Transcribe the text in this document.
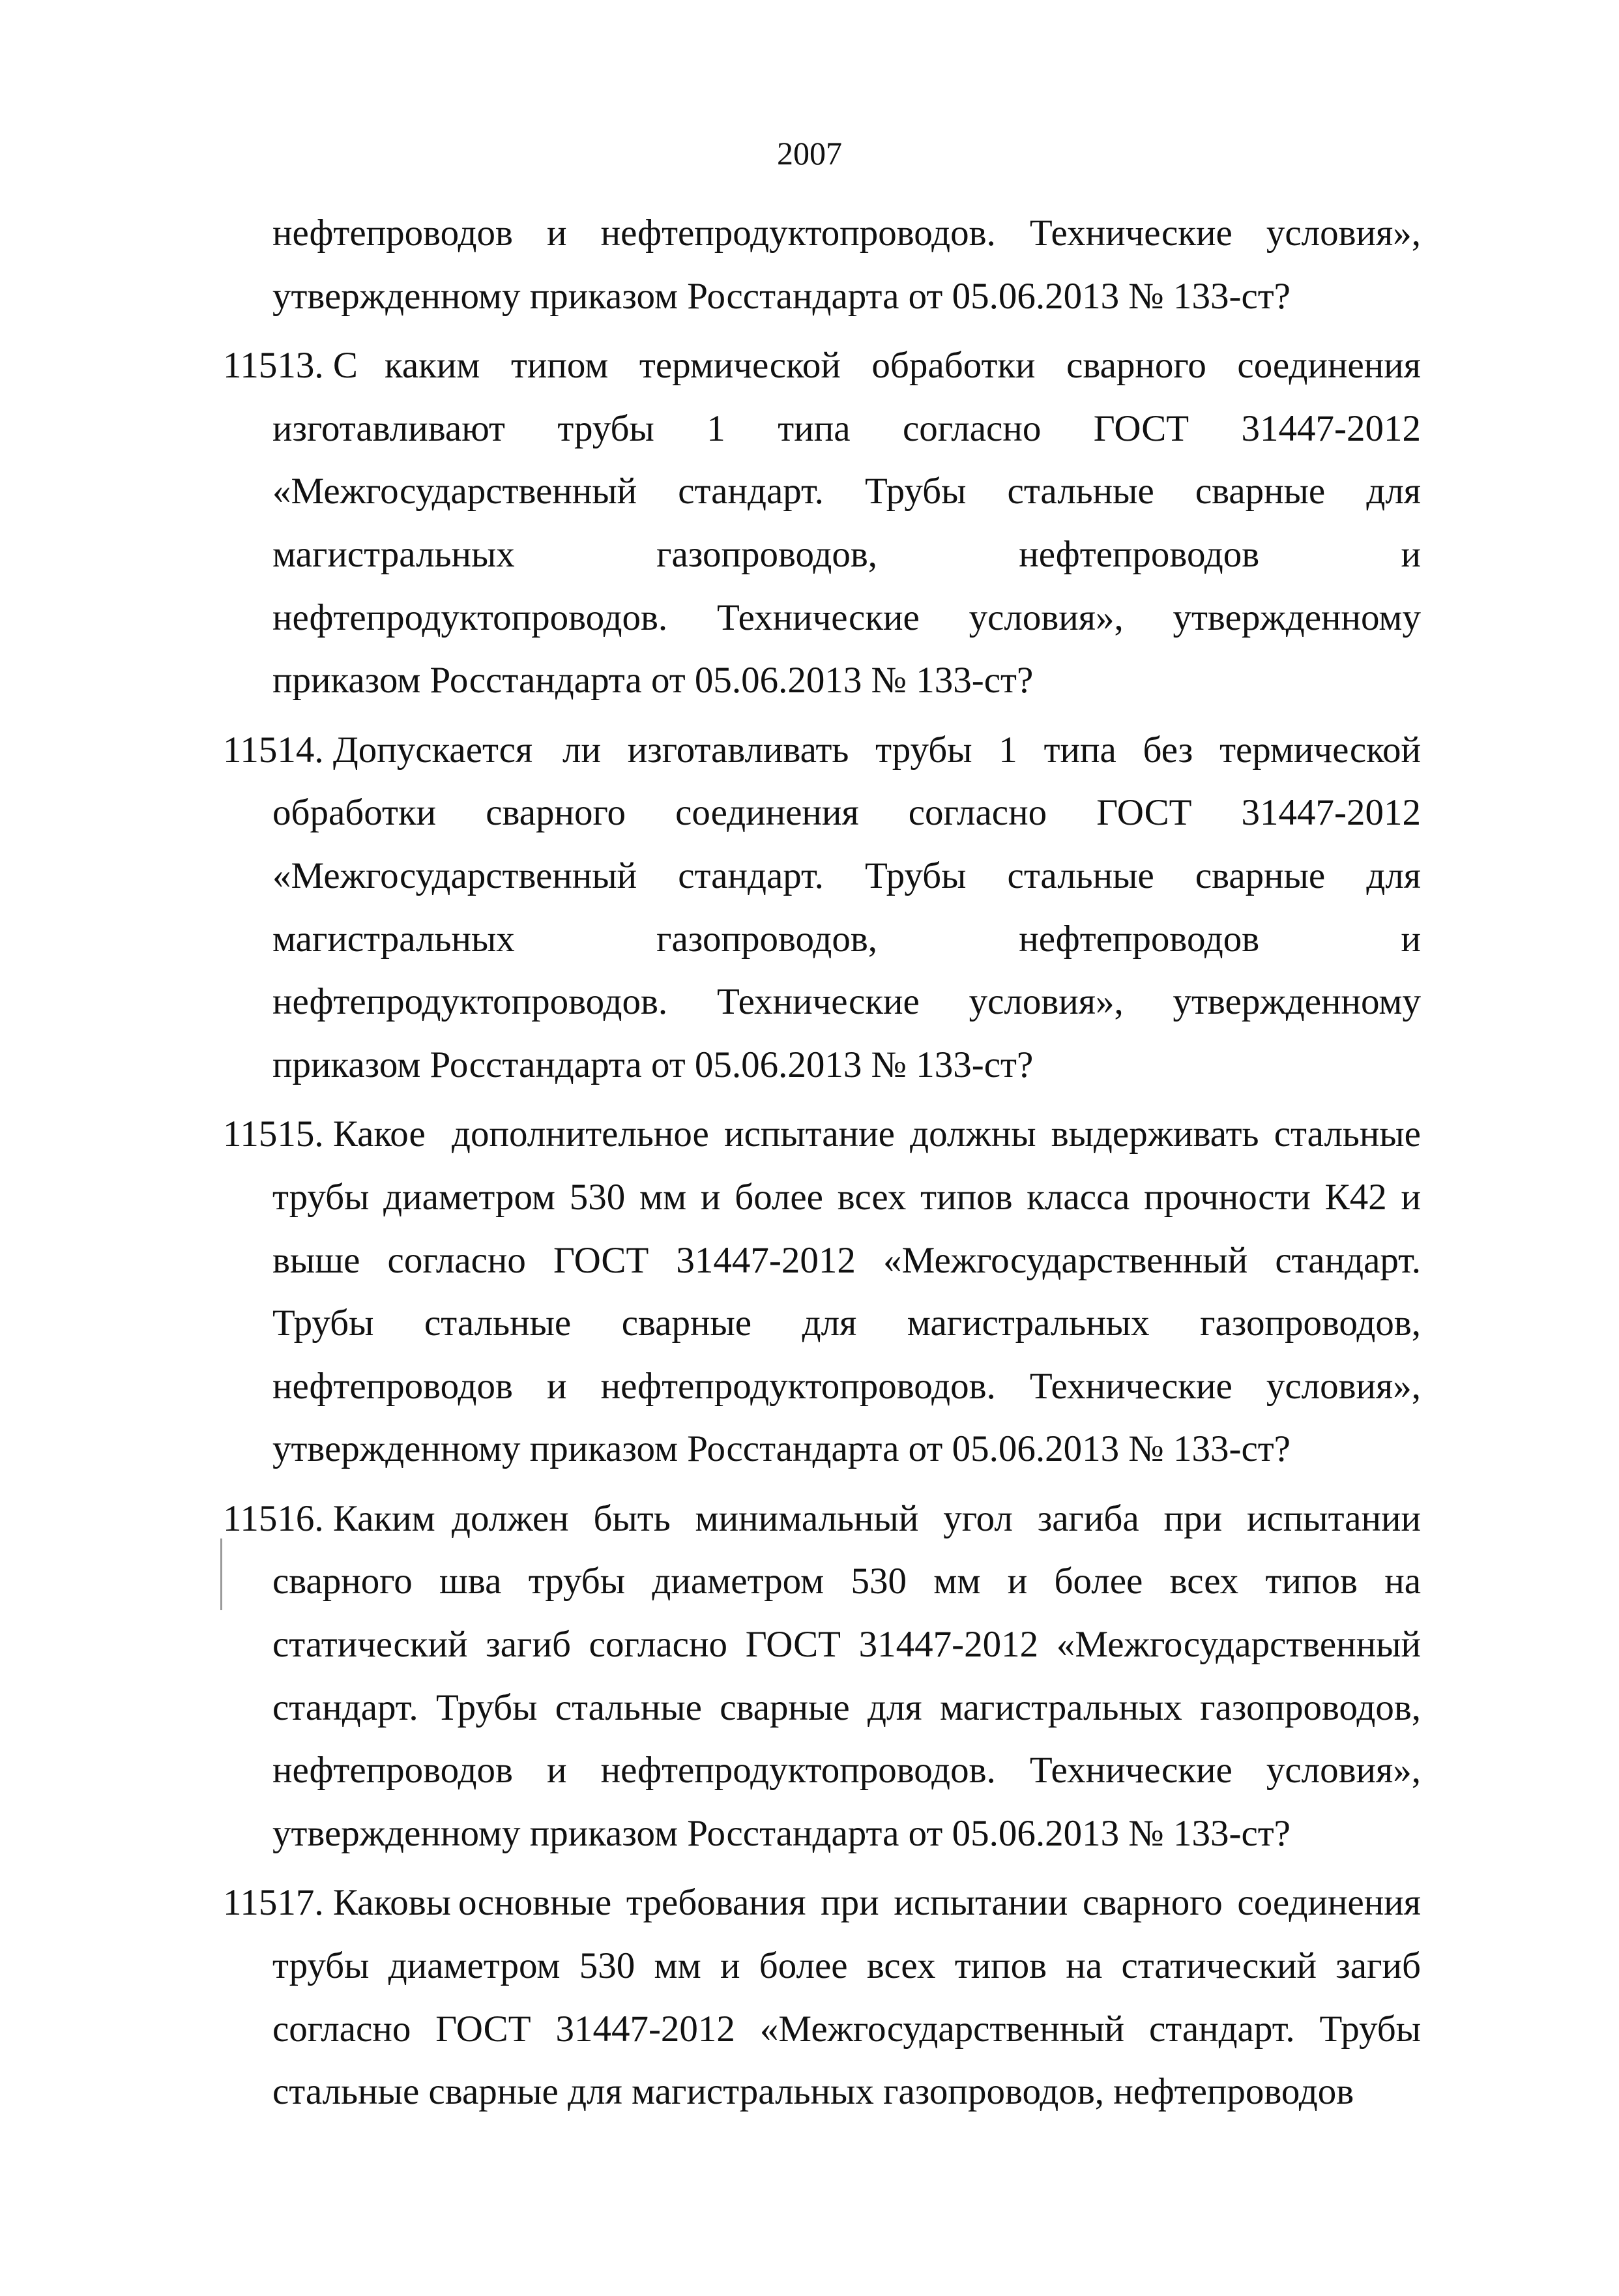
2007

нефтепроводов и нефтепродуктопроводов. Технические условия», утвержденному приказом Росстандарта от 05.06.2013 № 133-ст?

11513. С каким типом термической обработки сварного соединения изготавливают трубы 1 типа согласно ГОСТ 31447-2012 «Межгосударственный стандарт. Трубы стальные сварные для магистральных газопроводов, нефтепроводов и нефтепродуктопроводов. Технические условия», утвержденному приказом Росстандарта от 05.06.2013 № 133-ст?

11514. Допускается ли изготавливать трубы 1 типа без термической обработки сварного соединения согласно ГОСТ 31447-2012 «Межгосударственный стандарт. Трубы стальные сварные для магистральных газопроводов, нефтепроводов и нефтепродуктопроводов. Технические условия», утвержденному приказом Росстандарта от 05.06.2013 № 133-ст?

11515. Какое дополнительное испытание должны выдерживать стальные трубы диаметром 530 мм и более всех типов класса прочности К42 и выше согласно ГОСТ 31447-2012 «Межгосударственный стандарт. Трубы стальные сварные для магистральных газопроводов, нефтепроводов и нефтепродуктопроводов. Технические условия», утвержденному приказом Росстандарта от 05.06.2013 № 133-ст?

11516. Каким должен быть минимальный угол загиба при испытании сварного шва трубы диаметром 530 мм и более всех типов на статический загиб согласно ГОСТ 31447-2012 «Межгосударственный стандарт. Трубы стальные сварные для магистральных газопроводов, нефтепроводов и нефтепродуктопроводов. Технические условия», утвержденному приказом Росстандарта от 05.06.2013 № 133-ст?

11517. Каковы основные требования при испытании сварного соединения трубы диаметром 530 мм и более всех типов на статический загиб согласно ГОСТ 31447-2012 «Межгосударственный стандарт. Трубы стальные сварные для магистральных газопроводов, нефтепроводов
